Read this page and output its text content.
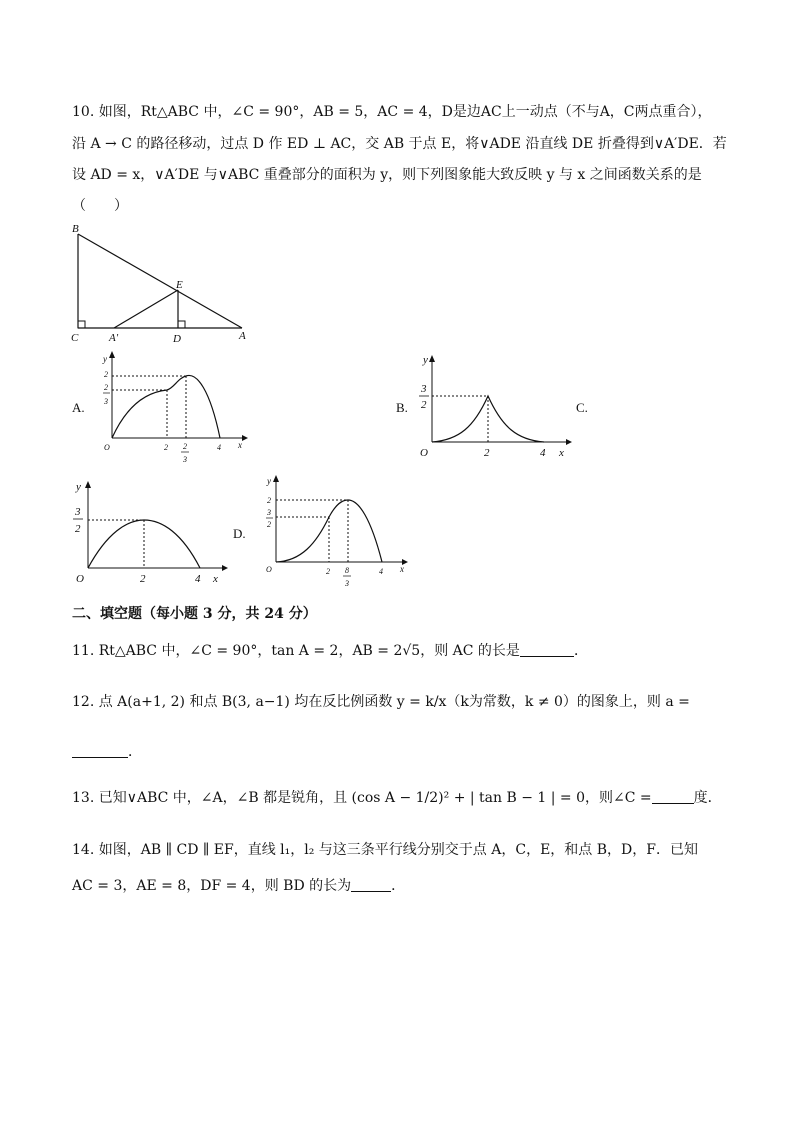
10. 如图，Rt△ABC 中，∠C = 90°，AB = 5，AC = 4，D是边AC上一动点（不与A，C两点重合），
沿 A → C 的路径移动，过点 D 作 ED ⊥ AC，交 AB 于点 E，将∨ADE 沿直线 DE 折叠得到∨A′DE．若
设 AD = x，∨A′DE 与∨ABC 重叠部分的面积为 y，则下列图象能大致反映 y 与 x 之间函数关系的是
（　　）
B
E
C	A′	D	A
A.
y
2
2
3
O	2 2
3
4 x
B.
y
3
2
O	2	4 x
C.
y
3
2
O	2	4 x
D.
y
2
3
2
O	2 8
3
4 x
二、填空题（每小题 3 分，共 24 分）
11. Rt△ABC 中，∠C = 90°，tan A = 2，AB = 2√5，则 AC 的长是	．
12. 点 A(a+1, 2) 和点 B(3, a−1) 均在反比例函数 y = k/x（k为常数，k ≠ 0）的图象上，则 a =
．
13. 已知∨ABC 中，∠A，∠B 都是锐角，且 (cos A − 1/2)² + | tan B − 1 | = 0，则∠C =	度．
14. 如图，AB ∥ CD ∥ EF，直线 l₁，l₂ 与这三条平行线分别交于点 A，C，E，和点 B，D，F．已知
AC = 3，AE = 8，DF = 4，则 BD 的长为	．
